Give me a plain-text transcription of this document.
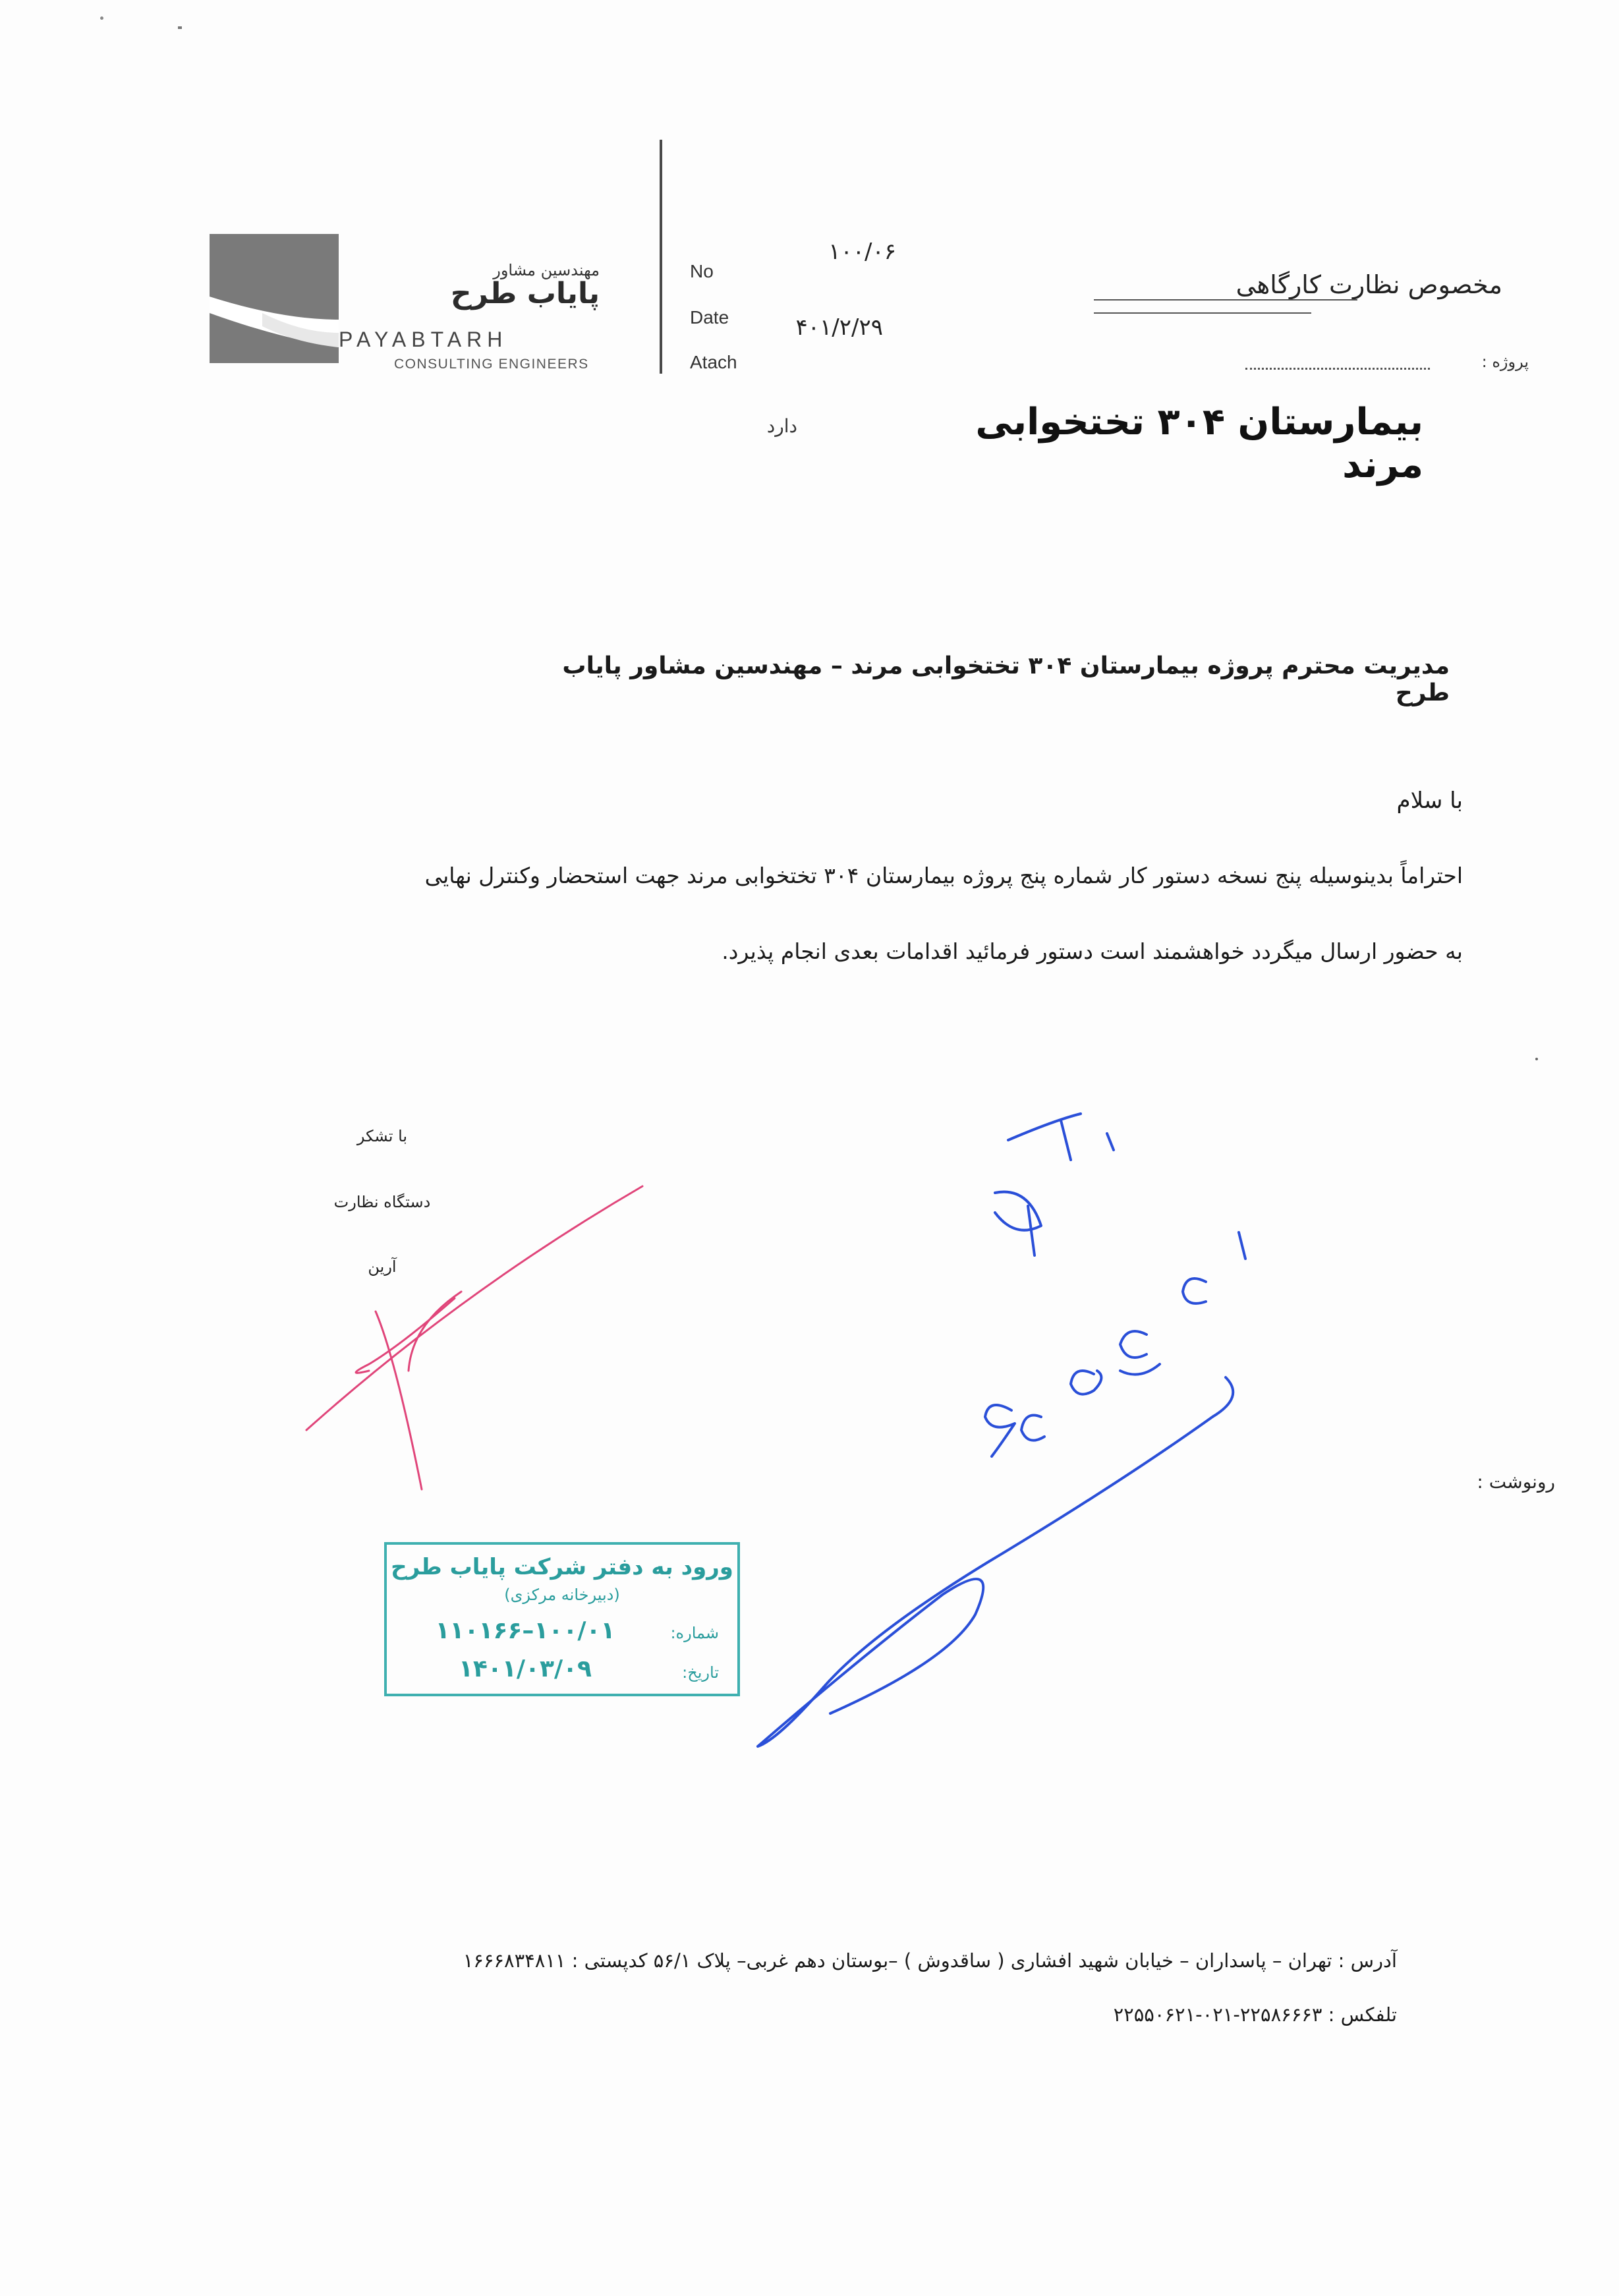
مهندسین مشاور
پایاب طرح
PAYABTARH
CONSULTING ENGINEERS
No
۱۰۰/۰۶
Date	۴۰۱/۲/۲۹
Atach
مخصوص نظارت کارگاهی
پروژه :
دارد	بیمارستان ۳۰۴ تختخوابی مرند
مدیریت محترم پروژه بیمارستان ۳۰۴ تختخوابی مرند – مهندسین مشاور پایاب طرح
با سلام
احتراماً بدینوسیله پنج نسخه دستور کار شماره پنج پروژه بیمارستان ۳۰۴ تختخوابی مرند جهت استحضار وکنترل نهایی
به حضور ارسال میگردد خواهشمند است دستور فرمائید اقدامات بعدی انجام پذیرد.
با تشکر
دستگاه نظارت
آرین
رونوشت :
ورود به دفتر شرکت پایاب طرح
(دبیرخانه مرکزی)
شماره:
۱۰۰/۰۱–۱۱۰۱۶۶
تاریخ:
۱۴۰۱/۰۳/۰۹
آدرس : تهران – پاسداران – خیابان شهید افشاری ( ساقدوش ) –بوستان دهم غربی– پلاک ۵۶/۱ کدپستی : ۱۶۶۶۸۳۴۸۱۱
تلفکس : ۲۲۵۸۶۶۶۳-۰۲۱-۲۲۵۵۰۶۲۱
